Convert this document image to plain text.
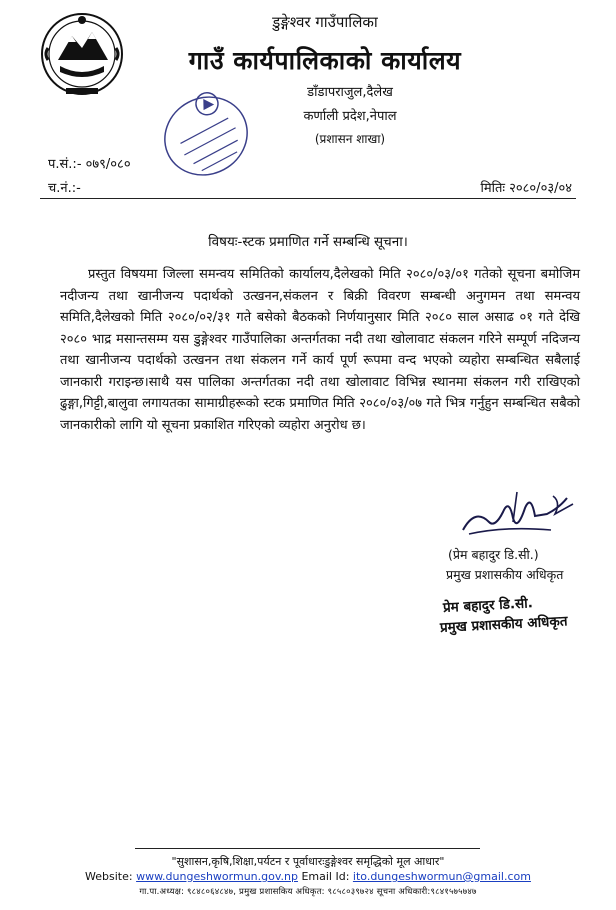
डुङ्गेश्वर गाउँपालिका
गाउँ कार्यपालिकाको कार्यालय
डाँडापराजुल,दैलेख
कर्णाली प्रदेश,नेपाल
(प्रशासन शाखा)
प.सं.:- ०७९/०८०
च.नं.:-	मितिः २०८०/०३/०४
विषयः-स्टक प्रमाणित गर्ने सम्बन्धि सूचना।

प्रस्तुत विषयमा जिल्ला समन्वय समितिको कार्यालय,दैलेखको मिति २०८०/०३/०१ गतेको सूचना बमोजिम नदीजन्य तथा खानीजन्य पदार्थको उत्खनन,संकलन र बिक्री विवरण सम्बन्धी अनुगमन तथा समन्वय समिति,दैलेखको मिति २०८०/०२/३१ गते बसेको बैठकको निर्णयानुसार मिति २०८० साल असाढ ०१ गते देखि २०८० भाद्र मसान्तसम्म यस डुङ्गेश्वर गाउँपालिका अन्तर्गतका नदी तथा खोलावाट संकलन गरिने सम्पूर्ण नदिजन्य तथा खानीजन्य पदार्थको उत्खनन तथा संकलन गर्ने कार्य पूर्ण रूपमा वन्द भएको व्यहोरा सम्बन्धित सबैलाई जानकारी गराइन्छ।साथै यस पालिका अन्तर्गतका नदी तथा खोलावाट विभिन्न स्थानमा संकलन गरी राखिएको ढुङ्गा,गिट्टी,बालुवा लगायतका सामाग्रीहरूको स्टक प्रमाणित मिति २०८०/०३/०७ गते भित्र गर्नुहुन सम्बन्धित सबैको जानकारीको लागि यो सूचना प्रकाशित गरिएको व्यहोरा अनुरोध छ।

(प्रेम बहादुर डि.सी.)
प्रमुख प्रशासकीय अधिकृत
प्रेम बहादुर डि.सी.
प्रमुख प्रशासकीय अधिकृत
"सुशासन,कृषि,शिक्षा,पर्यटन र पूर्वाधारःडुङ्गेश्वर समृद्धिको मूल आधार"
Website: www.dungeshwormun.gov.np Email Id: ito.dungeshwormun@gmail.com
गा.पा.अध्यक्ष: ९८४८०६४८४७, प्रमुख प्रशासकिय अधिकृत: ९८५८०३९७२४ सूचना अधिकारी:९८४१५७५७४७
